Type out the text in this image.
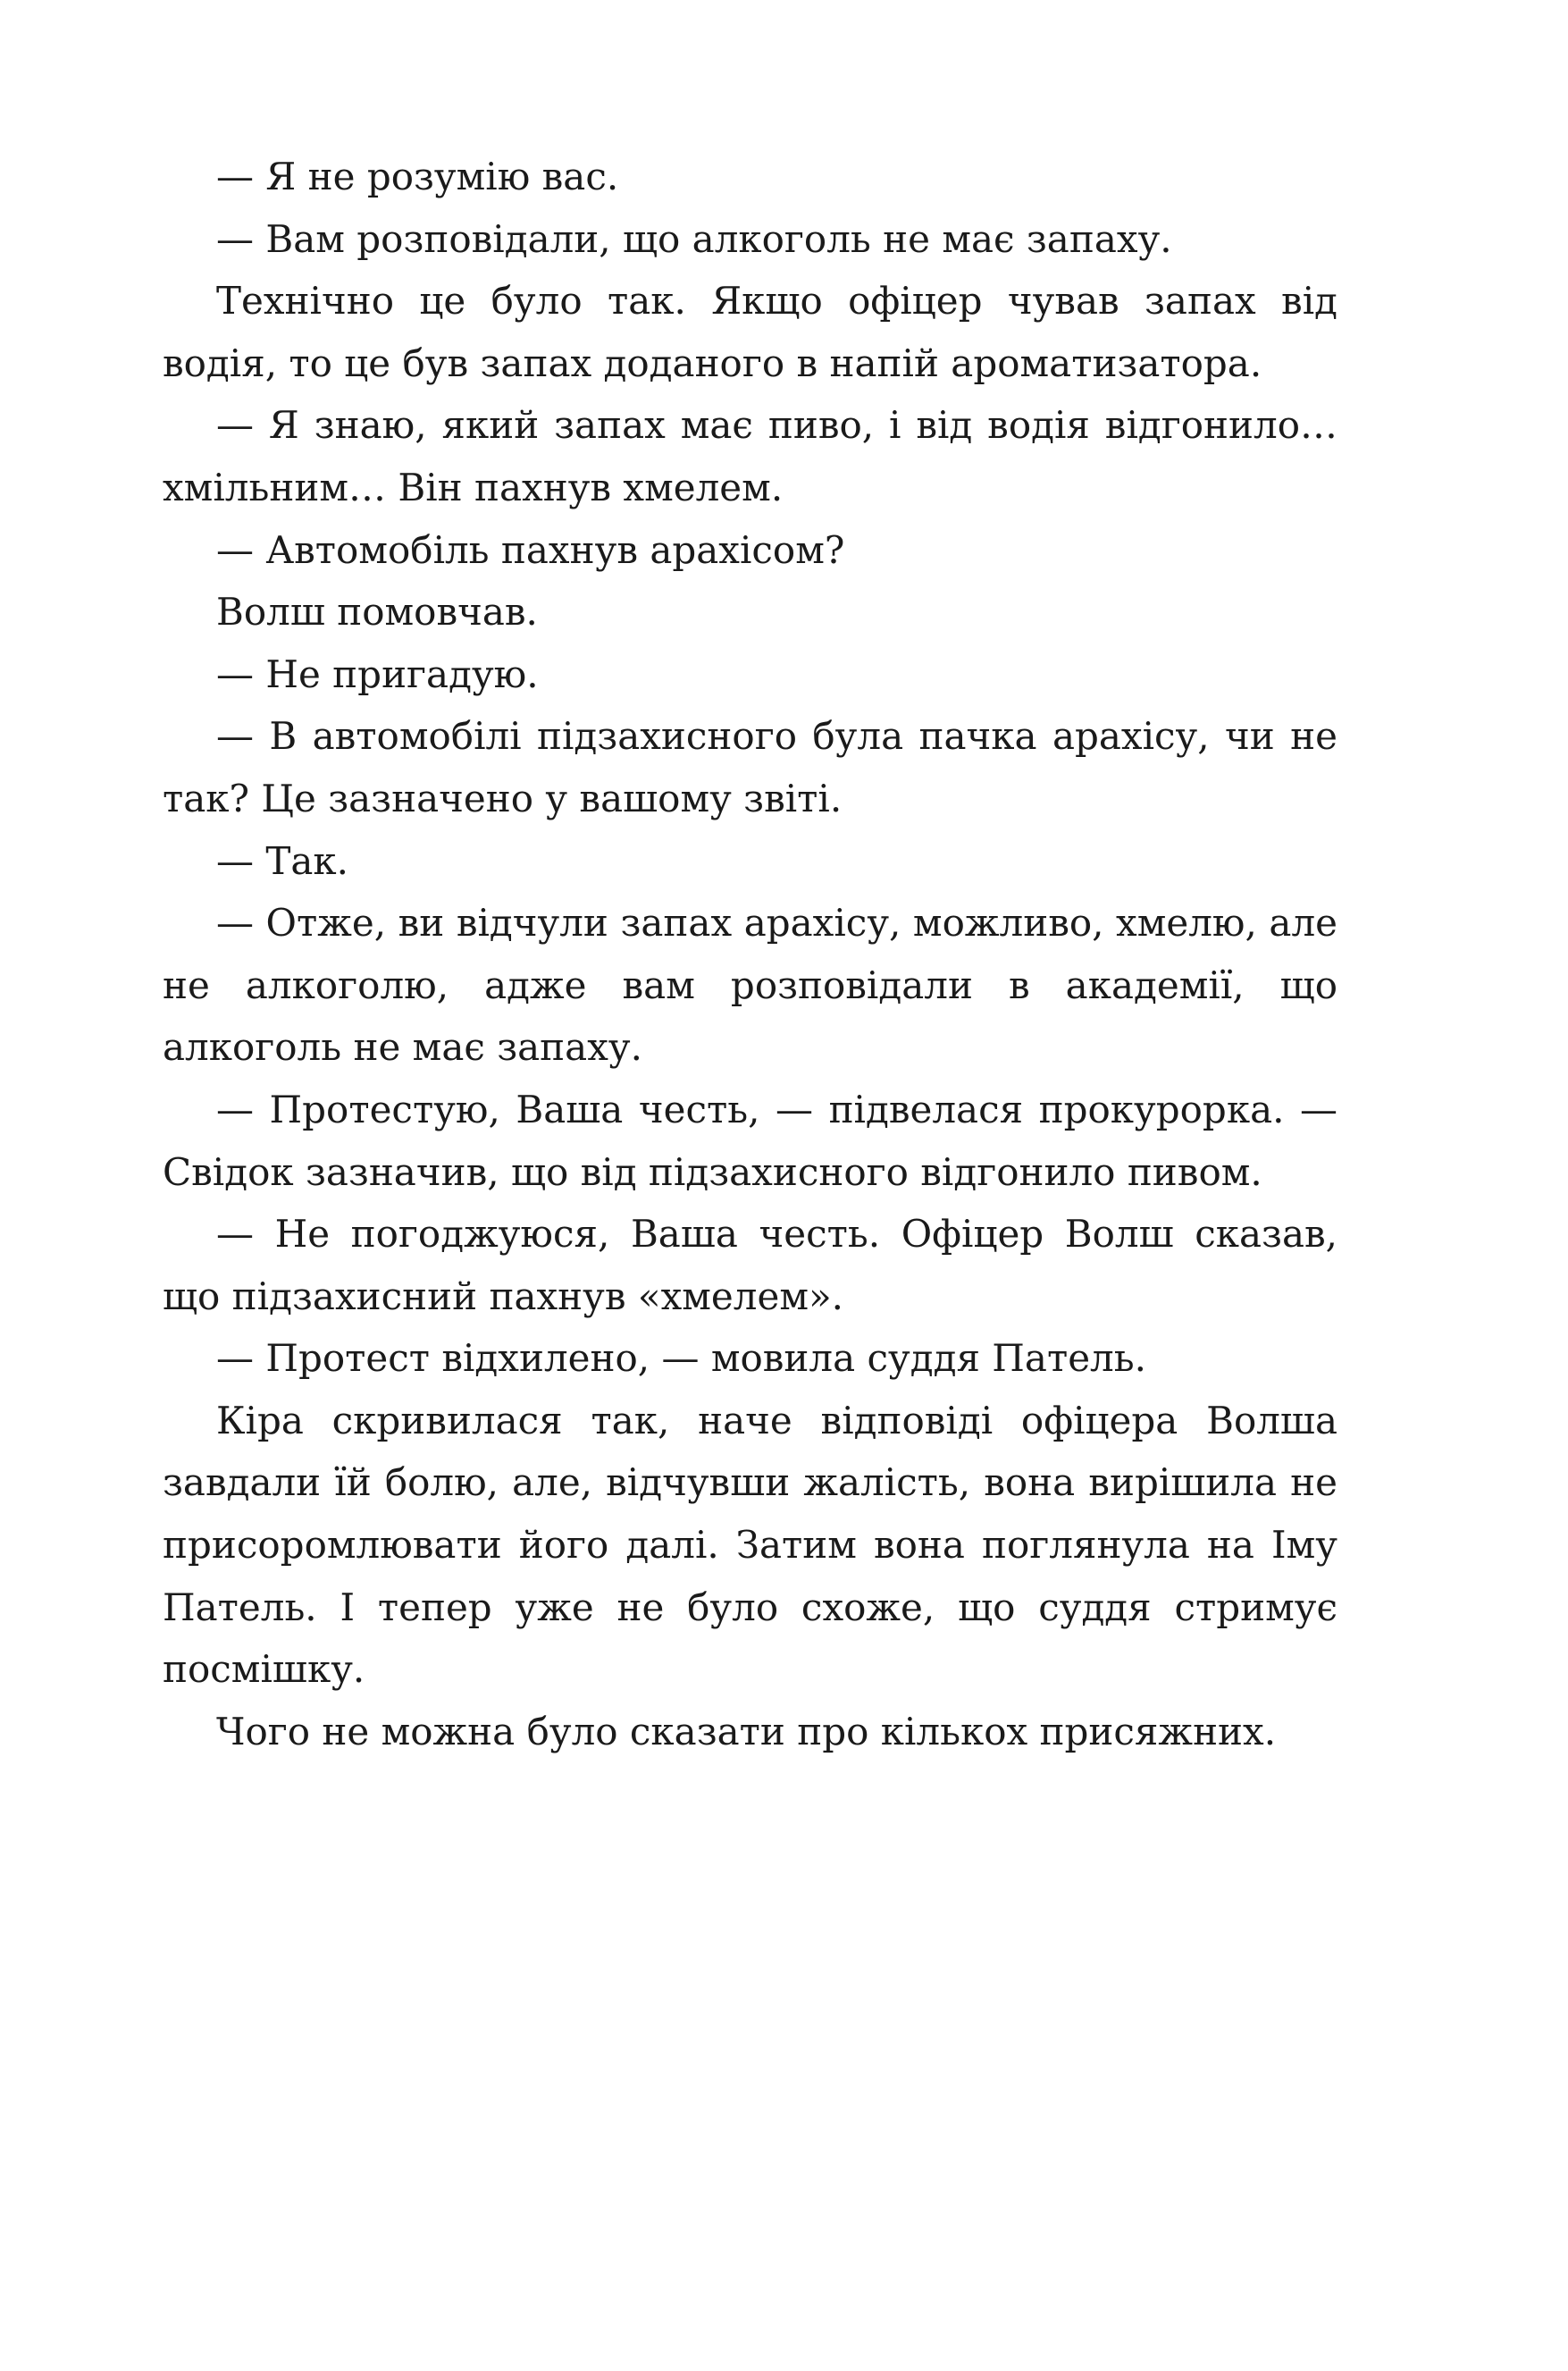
— Я не розумію вас.

— Вам розповідали, що алкоголь не має запаху.

Технічно це було так. Якщо офіцер чував запах від водія, то це був запах доданого в напій ароматизатора.

— Я знаю, який запах має пиво, і від водія відгонило… хмільним… Він пахнув хмелем.

— Автомобіль пахнув арахісом?

Волш помовчав.

— Не пригадую.

— В автомобілі підзахисного була пачка арахісу, чи не так? Це зазначено у вашому звіті.

— Так.

— Отже, ви відчули запах арахісу, можливо, хмелю, але не алкоголю, адже вам розповідали в академії, що алкоголь не має запаху.

— Протестую, Ваша честь, — підвелася прокурорка. — Свідок зазначив, що від підзахисного відгонило пивом.

— Не погоджуюся, Ваша честь. Офіцер Волш сказав, що підзахисний пахнув «хмелем».

— Протест відхилено, — мовила суддя Патель.

Кіра скривилася так, наче відповіді офіцера Волша завдали їй болю, але, відчувши жалість, вона вирішила не присоромлювати його далі. Затим вона поглянула на Іму Патель. І тепер уже не було схоже, що суддя стримує посмішку.

Чого не можна було сказати про кількох присяжних.
